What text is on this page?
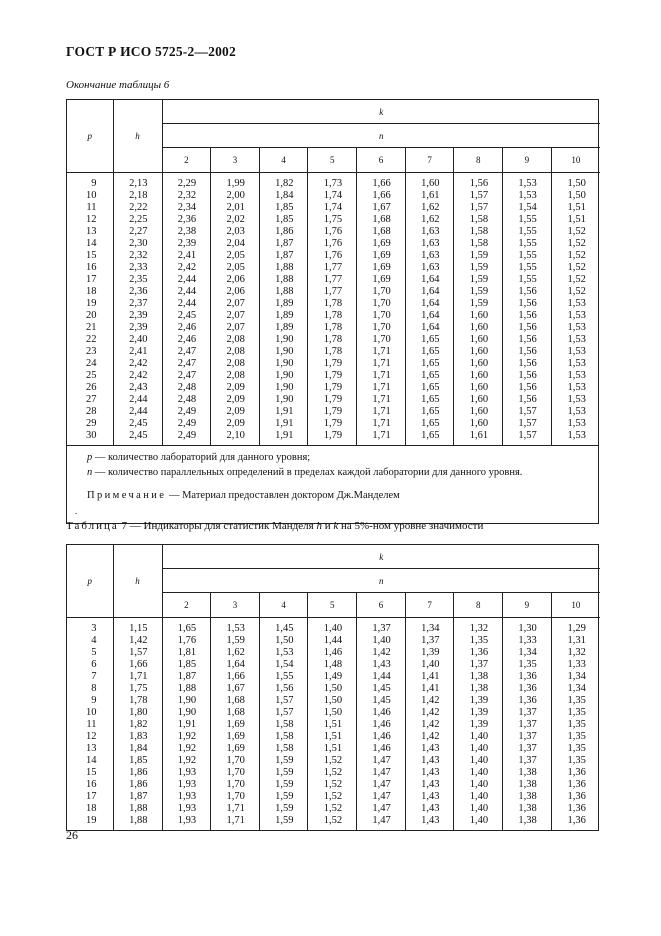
ГОСТ Р ИСО 5725-2—2002
Окончание таблицы 6
p	h	k								
		n								
		2	3	4	5	6	7	8	9	10
9	2,13	2,29	1,99	1,82	1,73	1,66	1,60	1,56	1,53	1,50
10	2,18	2,32	2,00	1,84	1,74	1,66	1,61	1,57	1,53	1,50
11	2,22	2,34	2,01	1,85	1,74	1,67	1,62	1,57	1,54	1,51
12	2,25	2,36	2,02	1,85	1,75	1,68	1,62	1,58	1,55	1,51
13	2,27	2,38	2,03	1,86	1,76	1,68	1,63	1,58	1,55	1,52
14	2,30	2,39	2,04	1,87	1,76	1,69	1,63	1,58	1,55	1,52
15	2,32	2,41	2,05	1,87	1,76	1,69	1,63	1,59	1,55	1,52
16	2,33	2,42	2,05	1,88	1,77	1,69	1,63	1,59	1,55	1,52
17	2,35	2,44	2,06	1,88	1,77	1,69	1,64	1,59	1,55	1,52
18	2,36	2,44	2,06	1,88	1,77	1,70	1,64	1,59	1,56	1,52
19	2,37	2,44	2,07	1,89	1,78	1,70	1,64	1,59	1,56	1,53
20	2,39	2,45	2,07	1,89	1,78	1,70	1,64	1,60	1,56	1,53
21	2,39	2,46	2,07	1,89	1,78	1,70	1,64	1,60	1,56	1,53
22	2,40	2,46	2,08	1,90	1,78	1,70	1,65	1,60	1,56	1,53
23	2,41	2,47	2,08	1,90	1,78	1,71	1,65	1,60	1,56	1,53
24	2,42	2,47	2,08	1,90	1,79	1,71	1,65	1,60	1,56	1,53
25	2,42	2,47	2,08	1,90	1,79	1,71	1,65	1,60	1,56	1,53
26	2,43	2,48	2,09	1,90	1,79	1,71	1,65	1,60	1,56	1,53
27	2,44	2,48	2,09	1,90	1,79	1,71	1,65	1,60	1,56	1,53
28	2,44	2,49	2,09	1,91	1,79	1,71	1,65	1,60	1,57	1,53
29	2,45	2,49	2,09	1,91	1,79	1,71	1,65	1,60	1,57	1,53
30	2,45	2,49	2,10	1,91	1,79	1,71	1,65	1,61	1,57	1,53
p — количество лабораторий для данного уровня;
n — количество параллельных определений в пределах каждой лаборатории для данного уровня.
Примечание — Материал предоставлен доктором Дж.Манделем
.
Таблица 7 — Индикаторы для статистик Манделя h и k на 5%-ном уровне значимости
p	h	k								
		n								
		2	3	4	5	6	7	8	9	10
3	1,15	1,65	1,53	1,45	1,40	1,37	1,34	1,32	1,30	1,29
4	1,42	1,76	1,59	1,50	1,44	1,40	1,37	1,35	1,33	1,31
5	1,57	1,81	1,62	1,53	1,46	1,42	1,39	1,36	1,34	1,32
6	1,66	1,85	1,64	1,54	1,48	1,43	1,40	1,37	1,35	1,33
7	1,71	1,87	1,66	1,55	1,49	1,44	1,41	1,38	1,36	1,34
8	1,75	1,88	1,67	1,56	1,50	1,45	1,41	1,38	1,36	1,34
9	1,78	1,90	1,68	1,57	1,50	1,45	1,42	1,39	1,36	1,35
10	1,80	1,90	1,68	1,57	1,50	1,46	1,42	1,39	1,37	1,35
11	1,82	1,91	1,69	1,58	1,51	1,46	1,42	1,39	1,37	1,35
12	1,83	1,92	1,69	1,58	1,51	1,46	1,42	1,40	1,37	1,35
13	1,84	1,92	1,69	1,58	1,51	1,46	1,43	1,40	1,37	1,35
14	1,85	1,92	1,70	1,59	1,52	1,47	1,43	1,40	1,37	1,35
15	1,86	1,93	1,70	1,59	1,52	1,47	1,43	1,40	1,38	1,36
16	1,86	1,93	1,70	1,59	1,52	1,47	1,43	1,40	1,38	1,36
17	1,87	1,93	1,70	1,59	1,52	1,47	1,43	1,40	1,38	1,36
18	1,88	1,93	1,71	1,59	1,52	1,47	1,43	1,40	1,38	1,36
19	1,88	1,93	1,71	1,59	1,52	1,47	1,43	1,40	1,38	1,36
26
